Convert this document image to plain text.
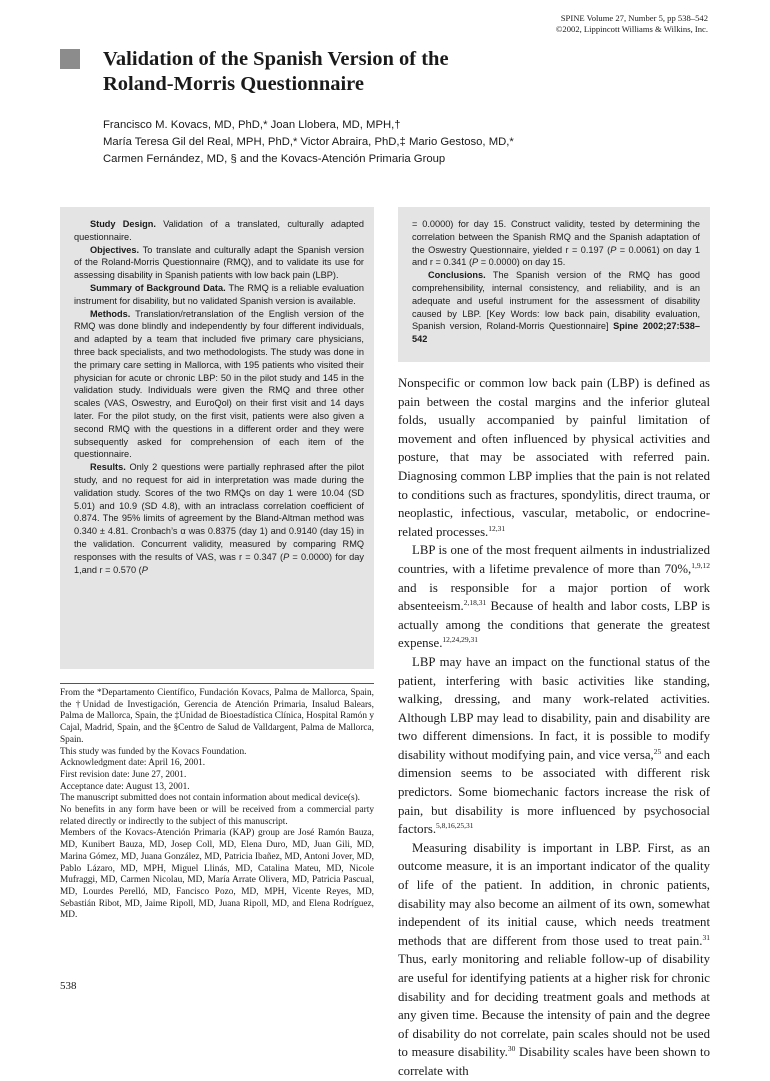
SPINE Volume 27, Number 5, pp 538–542
©2002, Lippincott Williams & Wilkins, Inc.
Validation of the Spanish Version of the
Roland-Morris Questionnaire
Francisco M. Kovacs, MD, PhD,* Joan Llobera, MD, MPH,†
María Teresa Gil del Real, MPH, PhD,* Victor Abraira, PhD,‡ Mario Gestoso, MD,*
Carmen Fernández, MD, § and the Kovacs-Atención Primaria Group

Study Design. Validation of a translated, culturally adapted questionnaire.

Objectives. To translate and culturally adapt the Spanish version of the Roland-Morris Questionnaire (RMQ), and to validate its use for assessing disability in Spanish patients with low back pain (LBP).

Summary of Background Data. The RMQ is a reliable evaluation instrument for disability, but no validated Spanish version is available.

Methods. Translation/retranslation of the English version of the RMQ was done blindly and independently by four different individuals, and adapted by a team that included five primary care physicians, three back specialists, and two methodologists. The study was done in the primary care setting in Mallorca, with 195 patients who visited their physician for acute or chronic LBP: 50 in the pilot study and 145 in the validation study. Individuals were given the RMQ and three other scales (VAS, Oswestry, and EuroQol) on their first visit and 14 days later. For the pilot study, on the first visit, patients were also given a second RMQ with the questions in a different order and they were subsequently asked for comprehension of each item of the questionnaire.

Results. Only 2 questions were partially rephrased after the pilot study, and no request for aid in interpretation was made during the validation study. Scores of the two RMQs on day 1 were 10.04 (SD 5.01) and 10.9 (SD 4.8), with an intraclass correlation coefficient of 0.874. The 95% limits of agreement by the Bland-Altman method was 0.340 ± 4.81. Cronbach’s α was 0.8375 (day 1) and 0.9140 (day 15) in the validation. Concurrent validity, measured by comparing RMQ responses with the results of VAS, was r = 0.347 (P = 0.0000) for day 1,and r = 0.570 (P

= 0.0000) for day 15. Construct validity, tested by determining the correlation between the Spanish RMQ and the Spanish adaptation of the Oswestry Questionnaire, yielded r = 0.197 (P = 0.0061) on day 1 and r = 0.341 (P = 0.0000) on day 15.

Conclusions. The Spanish version of the RMQ has good comprehensibility, internal consistency, and reliability, and is an adequate and useful instrument for the assessment of disability caused by LBP. [Key Words: low back pain, disability evaluation, Spanish version, Roland-Morris Questionnaire] Spine 2002;27:538–542

From the *Departamento Científico, Fundación Kovacs, Palma de Mallorca, Spain, the †Unidad de Investigación, Gerencia de Atención Primaria, Insalud Balears, Palma de Mallorca, Spain, the ‡Unidad de Bioestadística Clínica, Hospital Ramón y Cajal, Madrid, Spain, and the §Centro de Salud de Valldargent, Palma de Mallorca, Spain.

This study was funded by the Kovacs Foundation.

Acknowledgment date: April 16, 2001.

First revision date: June 27, 2001.

Acceptance date: August 13, 2001.

The manuscript submitted does not contain information about medical device(s).

No benefits in any form have been or will be received from a commercial party related directly or indirectly to the subject of this manuscript.

Members of the Kovacs-Atención Primaria (KAP) group are José Ramón Bauza, MD, Kunibert Bauza, MD, Josep Coll, MD, Elena Duro, MD, Juan Gili, MD, Marina Gómez, MD, Juana González, MD, Patricia Ibañez, MD, Antoni Jover, MD, Pablo Lázaro, MD, MPH, Miguel Llinás, MD, Catalina Mateu, MD, Nicole Mufraggi, MD, Carmen Nicolau, MD, María Arrate Olivera, MD, Patricia Pascual, MD, Lourdes Perelló, MD, Fancisco Pozo, MD, MPH, Vicente Reyes, MD, Sebastián Ribot, MD, Jaime Ripoll, MD, Juana Ripoll, MD, and Elena Rodríguez, MD.

Nonspecific or common low back pain (LBP) is defined as pain between the costal margins and the inferior gluteal folds, usually accompanied by painful limitation of movement and often influenced by physical activities and posture, that may be associated with referred pain. Diagnosing common LBP implies that the pain is not related to conditions such as fractures, spondylitis, direct trauma, or neoplastic, infectious, vascular, metabolic, or endocrine-related processes.$^{12,31}$

LBP is one of the most frequent ailments in industrialized countries, with a lifetime prevalence of more than 70%,$^{1,9,12}$ and is responsible for a major portion of work absenteeism.$^{2,18,31}$ Because of health and labor costs, LBP is actually among the conditions that generate the greatest expense.$^{12,24,29,31}$

LBP may have an impact on the functional status of the patient, interfering with basic activities like standing, walking, dressing, and many work-related activities. Although LBP may lead to disability, pain and disability are two different dimensions. In fact, it is possible to modify disability without modifying pain, and vice versa,$^{25}$ and each dimension seems to be associated with different risk predictors. Some biomechanic factors increase the risk of pain, but disability is more influenced by psychosocial factors.$^{5,8,16,25,31}$

Measuring disability is important in LBP. First, as an outcome measure, it is an important indicator of the quality of life of the patient. In addition, in chronic patients, disability may also become an ailment of its own, somewhat independent of its initial cause, which needs treatment methods that are different from those used to treat pain.$^{31}$ Thus, early monitoring and reliable follow-up of disability are useful for identifying patients at a higher risk for chronic disability and for deciding treatment goals and methods at any given time. Because the intensity of pain and the degree of disability do not correlate, pain scales should not be used to measure disability.$^{30}$ Disability scales have been shown to correlate with

538
